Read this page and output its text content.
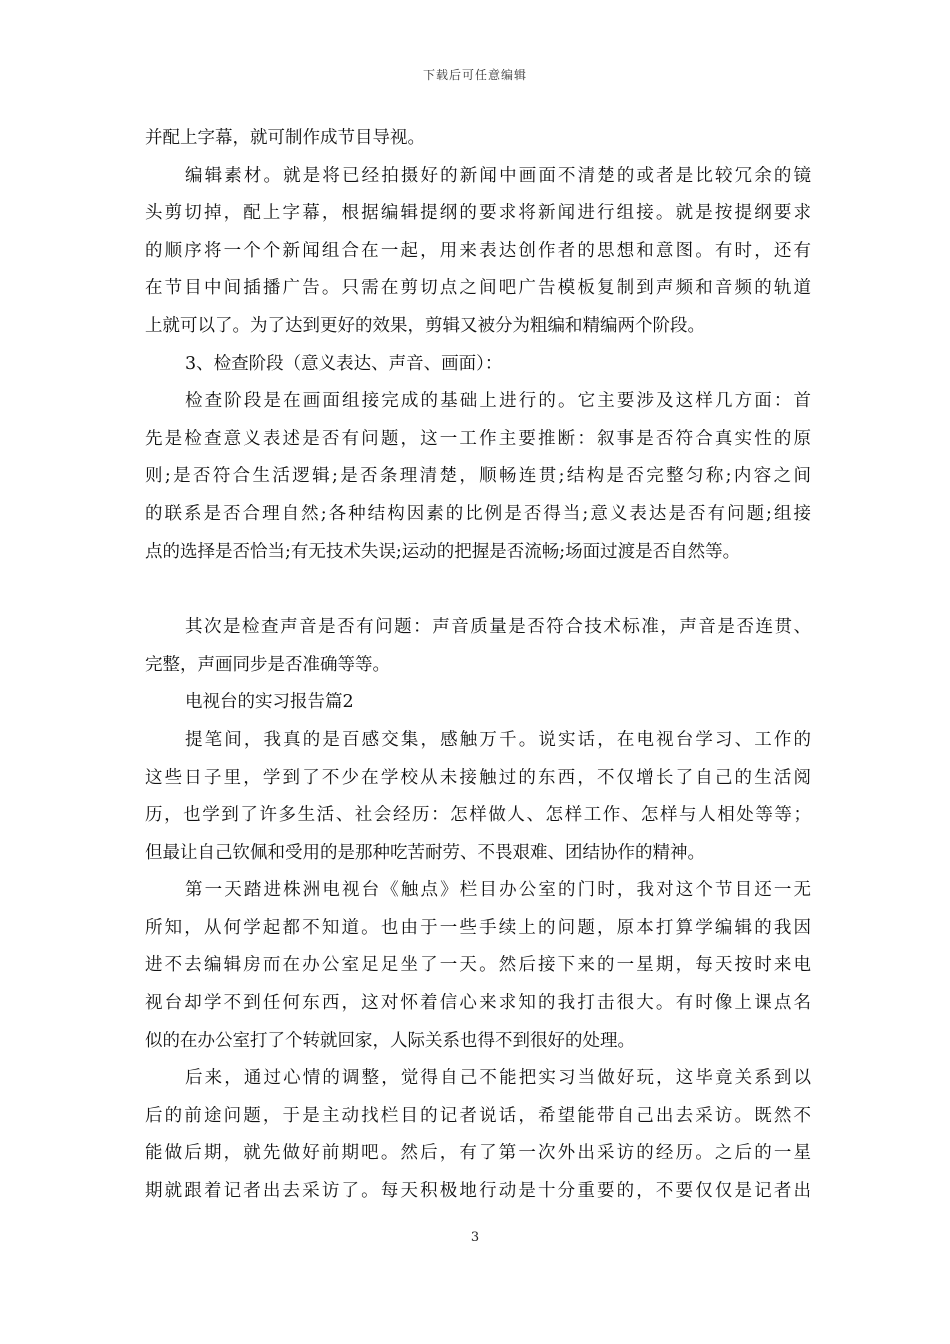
下载后可任意编辑
并配上字幕，就可制作成节目导视。
编辑素材。就是将已经拍摄好的新闻中画面不清楚的或者是比较冗余的镜
头剪切掉，配上字幕，根据编辑提纲的要求将新闻进行组接。就是按提纲要求
的顺序将一个个新闻组合在一起，用来表达创作者的思想和意图。有时，还有
在节目中间插播广告。只需在剪切点之间吧广告模板复制到声频和音频的轨道
上就可以了。为了达到更好的效果，剪辑又被分为粗编和精编两个阶段。
3、检查阶段（意义表达、声音、画面）：
检查阶段是在画面组接完成的基础上进行的。它主要涉及这样几方面：首
先是检查意义表述是否有问题，这一工作主要推断：叙事是否符合真实性的原
则;是否符合生活逻辑;是否条理清楚，顺畅连贯;结构是否完整匀称;内容之间
的联系是否合理自然;各种结构因素的比例是否得当;意义表达是否有问题;组接
点的选择是否恰当;有无技术失误;运动的把握是否流畅;场面过渡是否自然等。
其次是检查声音是否有问题：声音质量是否符合技术标准，声音是否连贯、
完整，声画同步是否准确等等。
电视台的实习报告篇2
提笔间，我真的是百感交集，感触万千。说实话，在电视台学习、工作的
这些日子里，学到了不少在学校从未接触过的东西，不仅增长了自己的生活阅
历，也学到了许多生活、社会经历：怎样做人、怎样工作、怎样与人相处等等；
但最让自己钦佩和受用的是那种吃苦耐劳、不畏艰难、团结协作的精神。
第一天踏进株洲电视台《触点》栏目办公室的门时，我对这个节目还一无
所知，从何学起都不知道。也由于一些手续上的问题，原本打算学编辑的我因
进不去编辑房而在办公室足足坐了一天。然后接下来的一星期，每天按时来电
视台却学不到任何东西，这对怀着信心来求知的我打击很大。有时像上课点名
似的在办公室打了个转就回家，人际关系也得不到很好的处理。
后来，通过心情的调整，觉得自己不能把实习当做好玩，这毕竟关系到以
后的前途问题，于是主动找栏目的记者说话，希望能带自己出去采访。既然不
能做后期，就先做好前期吧。然后，有了第一次外出采访的经历。之后的一星
期就跟着记者出去采访了。每天积极地行动是十分重要的，不要仅仅是记者出
3
